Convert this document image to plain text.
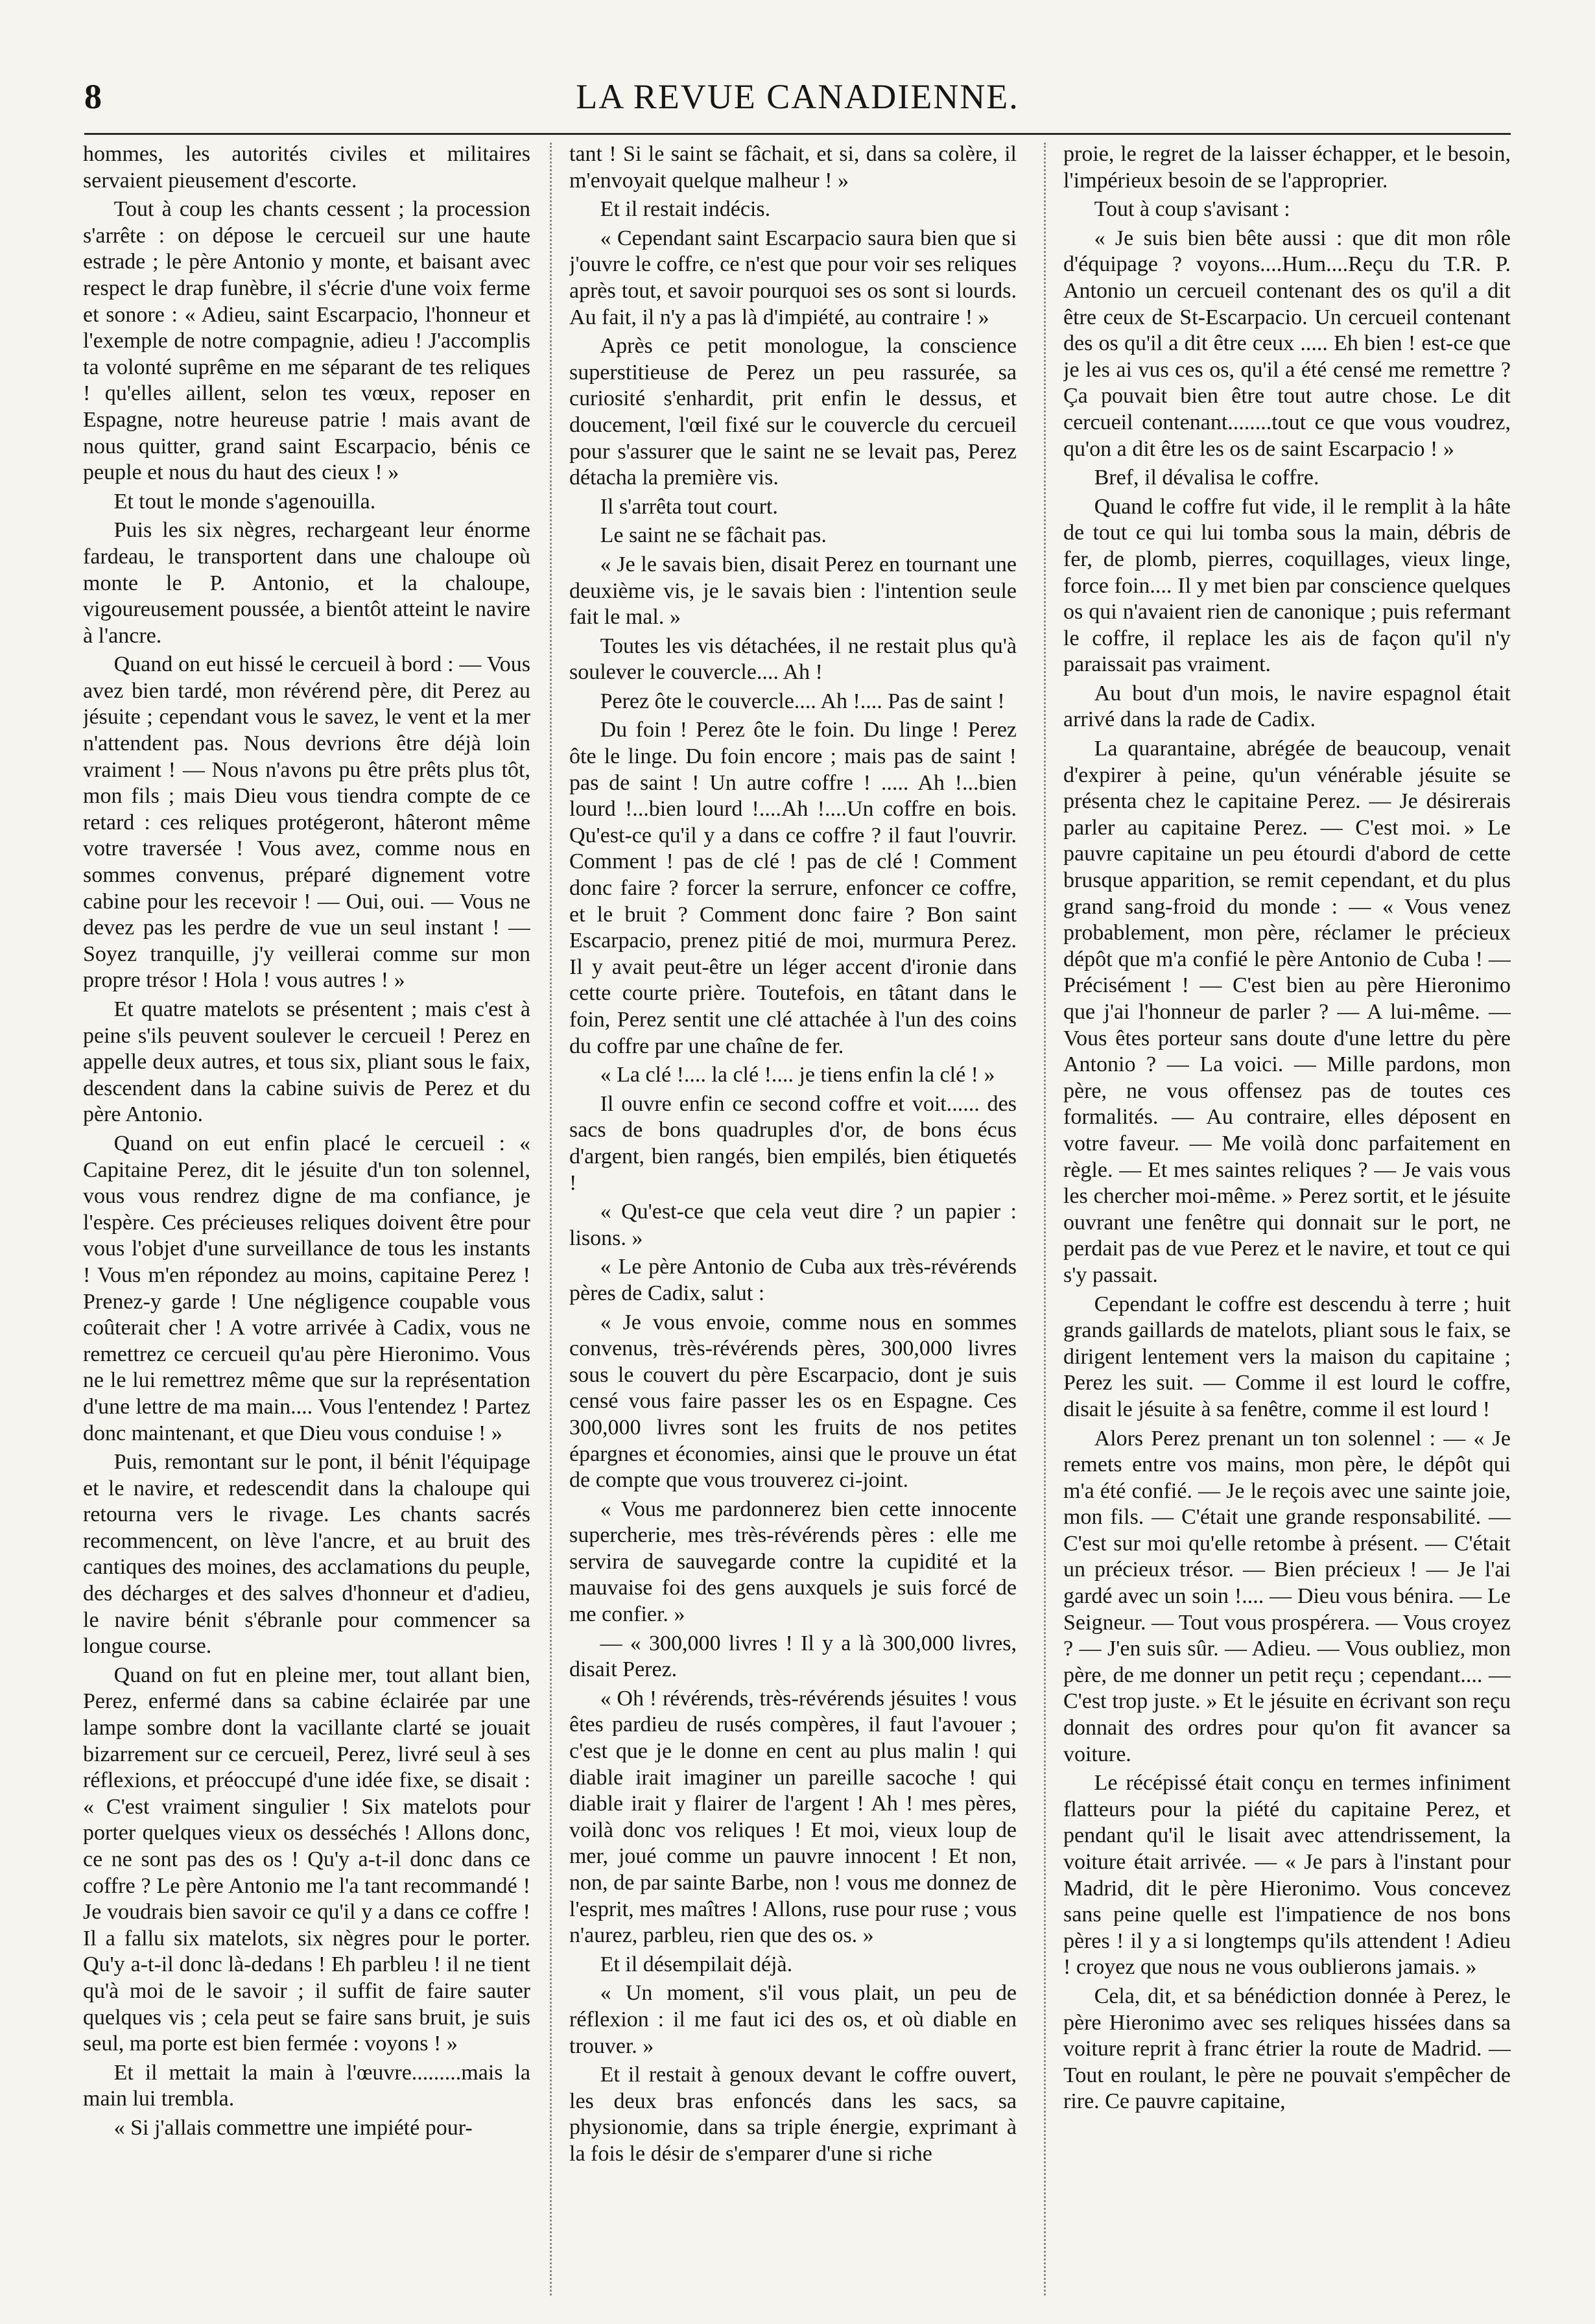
8	LA REVUE CANADIENNE.

hommes, les autorités civiles et militaires servaient pieusement d'escorte.

Tout à coup les chants cessent ; la procession s'arrête : on dépose le cercueil sur une haute estrade ; le père Antonio y monte, et baisant avec respect le drap funèbre, il s'écrie d'une voix ferme et sonore : « Adieu, saint Escarpacio, l'honneur et l'exemple de notre compagnie, adieu ! J'accomplis ta volonté suprême en me séparant de tes reliques ! qu'elles aillent, selon tes vœux, reposer en Espagne, notre heureuse patrie ! mais avant de nous quitter, grand saint Escarpacio, bénis ce peuple et nous du haut des cieux ! »

Et tout le monde s'agenouilla.

Puis les six nègres, rechargeant leur énorme fardeau, le transportent dans une chaloupe où monte le P. Antonio, et la chaloupe, vigoureusement poussée, a bientôt atteint le navire à l'ancre.

Quand on eut hissé le cercueil à bord : — Vous avez bien tardé, mon révérend père, dit Perez au jésuite ; cependant vous le savez, le vent et la mer n'attendent pas. Nous devrions être déjà loin vraiment ! — Nous n'avons pu être prêts plus tôt, mon fils ; mais Dieu vous tiendra compte de ce retard : ces reliques protégeront, hâteront même votre traversée ! Vous avez, comme nous en sommes convenus, préparé dignement votre cabine pour les recevoir ! — Oui, oui. — Vous ne devez pas les perdre de vue un seul instant ! — Soyez tranquille, j'y veillerai comme sur mon propre trésor ! Hola ! vous autres ! »

Et quatre matelots se présentent ; mais c'est à peine s'ils peuvent soulever le cercueil ! Perez en appelle deux autres, et tous six, pliant sous le faix, descendent dans la cabine suivis de Perez et du père Antonio.

Quand on eut enfin placé le cercueil : « Capitaine Perez, dit le jésuite d'un ton solennel, vous vous rendrez digne de ma confiance, je l'espère. Ces précieuses reliques doivent être pour vous l'objet d'une surveillance de tous les instants ! Vous m'en répondez au moins, capitaine Perez ! Prenez-y garde ! Une négligence coupable vous coûterait cher ! A votre arrivée à Cadix, vous ne remettrez ce cercueil qu'au père Hieronimo. Vous ne le lui remettrez même que sur la représentation d'une lettre de ma main.... Vous l'entendez ! Partez donc maintenant, et que Dieu vous conduise ! »

Puis, remontant sur le pont, il bénit l'équipage et le navire, et redescendit dans la chaloupe qui retourna vers le rivage. Les chants sacrés recommencent, on lève l'ancre, et au bruit des cantiques des moines, des acclamations du peuple, des décharges et des salves d'honneur et d'adieu, le navire bénit s'ébranle pour commencer sa longue course.

Quand on fut en pleine mer, tout allant bien, Perez, enfermé dans sa cabine éclairée par une lampe sombre dont la vacillante clarté se jouait bizarrement sur ce cercueil, Perez, livré seul à ses réflexions, et préoccupé d'une idée fixe, se disait : « C'est vraiment singulier ! Six matelots pour porter quelques vieux os desséchés ! Allons donc, ce ne sont pas des os ! Qu'y a-t-il donc dans ce coffre ? Le père Antonio me l'a tant recommandé ! Je voudrais bien savoir ce qu'il y a dans ce coffre ! Il a fallu six matelots, six nègres pour le porter. Qu'y a-t-il donc là-dedans ! Eh parbleu ! il ne tient qu'à moi de le savoir ; il suffit de faire sauter quelques vis ; cela peut se faire sans bruit, je suis seul, ma porte est bien fermée : voyons ! »

Et il mettait la main à l'œuvre.........mais la main lui trembla.

« Si j'allais commettre une impiété pour-

tant ! Si le saint se fâchait, et si, dans sa colère, il m'envoyait quelque malheur ! »

Et il restait indécis.

« Cependant saint Escarpacio saura bien que si j'ouvre le coffre, ce n'est que pour voir ses reliques après tout, et savoir pourquoi ses os sont si lourds. Au fait, il n'y a pas là d'impiété, au contraire ! »

Après ce petit monologue, la conscience superstitieuse de Perez un peu rassurée, sa curiosité s'enhardit, prit enfin le dessus, et doucement, l'œil fixé sur le couvercle du cercueil pour s'assurer que le saint ne se levait pas, Perez détacha la première vis.

Il s'arrêta tout court.

Le saint ne se fâchait pas.

« Je le savais bien, disait Perez en tournant une deuxième vis, je le savais bien : l'intention seule fait le mal. »

Toutes les vis détachées, il ne restait plus qu'à soulever le couvercle.... Ah !

Perez ôte le couvercle.... Ah !.... Pas de saint !

Du foin ! Perez ôte le foin. Du linge ! Perez ôte le linge. Du foin encore ; mais pas de saint ! pas de saint ! Un autre coffre ! ..... Ah !...bien lourd !...bien lourd !....Ah !....Un coffre en bois. Qu'est-ce qu'il y a dans ce coffre ? il faut l'ouvrir. Comment ! pas de clé ! pas de clé ! Comment donc faire ? forcer la serrure, enfoncer ce coffre, et le bruit ? Comment donc faire ? Bon saint Escarpacio, prenez pitié de moi, murmura Perez. Il y avait peut-être un léger accent d'ironie dans cette courte prière. Toutefois, en tâtant dans le foin, Perez sentit une clé attachée à l'un des coins du coffre par une chaîne de fer.

« La clé !.... la clé !.... je tiens enfin la clé ! »

Il ouvre enfin ce second coffre et voit...... des sacs de bons quadruples d'or, de bons écus d'argent, bien rangés, bien empilés, bien étiquetés !

« Qu'est-ce que cela veut dire ? un papier : lisons. »

« Le père Antonio de Cuba aux très-révérends pères de Cadix, salut :

« Je vous envoie, comme nous en sommes convenus, très-révérends pères, 300,000 livres sous le couvert du père Escarpacio, dont je suis censé vous faire passer les os en Espagne. Ces 300,000 livres sont les fruits de nos petites épargnes et économies, ainsi que le prouve un état de compte que vous trouverez ci-joint.

« Vous me pardonnerez bien cette innocente supercherie, mes très-révérends pères : elle me servira de sauvegarde contre la cupidité et la mauvaise foi des gens auxquels je suis forcé de me confier. »

— « 300,000 livres ! Il y a là 300,000 livres, disait Perez.

« Oh ! révérends, très-révérends jésuites ! vous êtes pardieu de rusés compères, il faut l'avouer ; c'est que je le donne en cent au plus malin ! qui diable irait imaginer un pareille sacoche ! qui diable irait y flairer de l'argent ! Ah ! mes pères, voilà donc vos reliques ! Et moi, vieux loup de mer, joué comme un pauvre innocent ! Et non, non, de par sainte Barbe, non ! vous me donnez de l'esprit, mes maîtres ! Allons, ruse pour ruse ; vous n'aurez, parbleu, rien que des os. »

Et il désempilait déjà.

« Un moment, s'il vous plait, un peu de réflexion : il me faut ici des os, et où diable en trouver. »

Et il restait à genoux devant le coffre ouvert, les deux bras enfoncés dans les sacs, sa physionomie, dans sa triple énergie, exprimant à la fois le désir de s'emparer d'une si riche

proie, le regret de la laisser échapper, et le besoin, l'impérieux besoin de se l'approprier.

Tout à coup s'avisant :

« Je suis bien bête aussi : que dit mon rôle d'équipage ? voyons....Hum....Reçu du T.R. P. Antonio un cercueil contenant des os qu'il a dit être ceux de St-Escarpacio. Un cercueil contenant des os qu'il a dit être ceux ..... Eh bien ! est-ce que je les ai vus ces os, qu'il a été censé me remettre ? Ça pouvait bien être tout autre chose. Le dit cercueil contenant........tout ce que vous voudrez, qu'on a dit être les os de saint Escarpacio ! »

Bref, il dévalisa le coffre.

Quand le coffre fut vide, il le remplit à la hâte de tout ce qui lui tomba sous la main, débris de fer, de plomb, pierres, coquillages, vieux linge, force foin.... Il y met bien par conscience quelques os qui n'avaient rien de canonique ; puis refermant le coffre, il replace les ais de façon qu'il n'y paraissait pas vraiment.

Au bout d'un mois, le navire espagnol était arrivé dans la rade de Cadix.

La quarantaine, abrégée de beaucoup, venait d'expirer à peine, qu'un vénérable jésuite se présenta chez le capitaine Perez. — Je désirerais parler au capitaine Perez. — C'est moi. » Le pauvre capitaine un peu étourdi d'abord de cette brusque apparition, se remit cependant, et du plus grand sang-froid du monde : — « Vous venez probablement, mon père, réclamer le précieux dépôt que m'a confié le père Antonio de Cuba ! — Précisément ! — C'est bien au père Hieronimo que j'ai l'honneur de parler ? — A lui-même. — Vous êtes porteur sans doute d'une lettre du père Antonio ? — La voici. — Mille pardons, mon père, ne vous offensez pas de toutes ces formalités. — Au contraire, elles déposent en votre faveur. — Me voilà donc parfaitement en règle. — Et mes saintes reliques ? — Je vais vous les chercher moi-même. » Perez sortit, et le jésuite ouvrant une fenêtre qui donnait sur le port, ne perdait pas de vue Perez et le navire, et tout ce qui s'y passait.

Cependant le coffre est descendu à terre ; huit grands gaillards de matelots, pliant sous le faix, se dirigent lentement vers la maison du capitaine ; Perez les suit. — Comme il est lourd le coffre, disait le jésuite à sa fenêtre, comme il est lourd !

Alors Perez prenant un ton solennel : — « Je remets entre vos mains, mon père, le dépôt qui m'a été confié. — Je le reçois avec une sainte joie, mon fils. — C'était une grande responsabilité. — C'est sur moi qu'elle retombe à présent. — C'était un précieux trésor. — Bien précieux ! — Je l'ai gardé avec un soin !.... — Dieu vous bénira. — Le Seigneur. — Tout vous prospérera. — Vous croyez ? — J'en suis sûr. — Adieu. — Vous oubliez, mon père, de me donner un petit reçu ; cependant.... — C'est trop juste. » Et le jésuite en écrivant son reçu donnait des ordres pour qu'on fit avancer sa voiture.

Le récépissé était conçu en termes infiniment flatteurs pour la piété du capitaine Perez, et pendant qu'il le lisait avec attendrissement, la voiture était arrivée. — « Je pars à l'instant pour Madrid, dit le père Hieronimo. Vous concevez sans peine quelle est l'impatience de nos bons pères ! il y a si longtemps qu'ils attendent ! Adieu ! croyez que nous ne vous oublierons jamais. »

Cela, dit, et sa bénédiction donnée à Perez, le père Hieronimo avec ses reliques hissées dans sa voiture reprit à franc étrier la route de Madrid. — Tout en roulant, le père ne pouvait s'empêcher de rire. Ce pauvre capitaine,
